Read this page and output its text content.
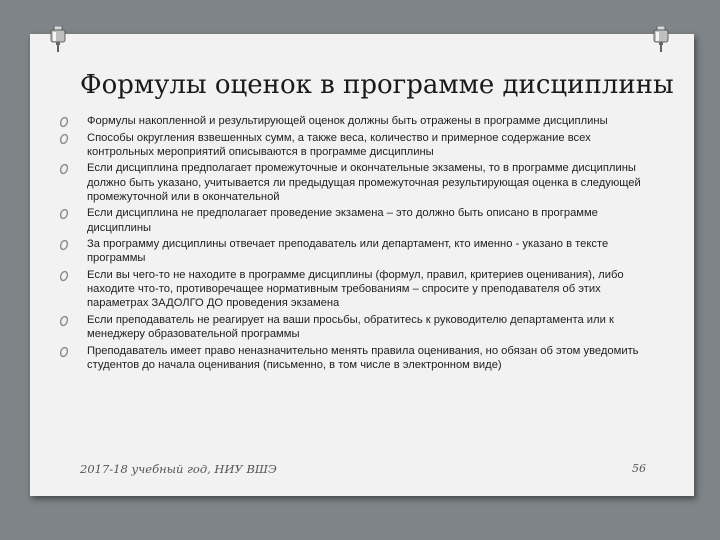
Формулы оценок в программе дисциплины
Формулы накопленной и результирующей оценок должны быть отражены в программе дисциплины
Способы округления взвешенных сумм, а также веса, количество и примерное содержание всех контрольных мероприятий описываются в программе дисциплины
Если дисциплина предполагает промежуточные и окончательные экзамены, то в программе дисциплины должно быть указано, учитывается ли предыдущая промежуточная результирующая оценка в следующей промежуточной или в окончательной
Если дисциплина не предполагает проведение экзамена – это должно быть описано в программе дисциплины
За программу дисциплины отвечает преподаватель или департамент, кто именно - указано в тексте программы
Если вы чего-то не находите в программе дисциплины (формул, правил, критериев оценивания), либо находите что-то, противоречащее нормативным требованиям – спросите у преподавателя об этих параметрах ЗАДОЛГО ДО проведения экзамена
Если преподаватель не реагирует на ваши просьбы, обратитесь к руководителю департамента или к менеджеру образовательной программы
Преподаватель имеет право неназначительно менять правила оценивания, но обязан об этом уведомить студентов до начала оценивания (письменно, в том числе в электронном виде)
2017-18 учебный год, НИУ ВШЭ	56
